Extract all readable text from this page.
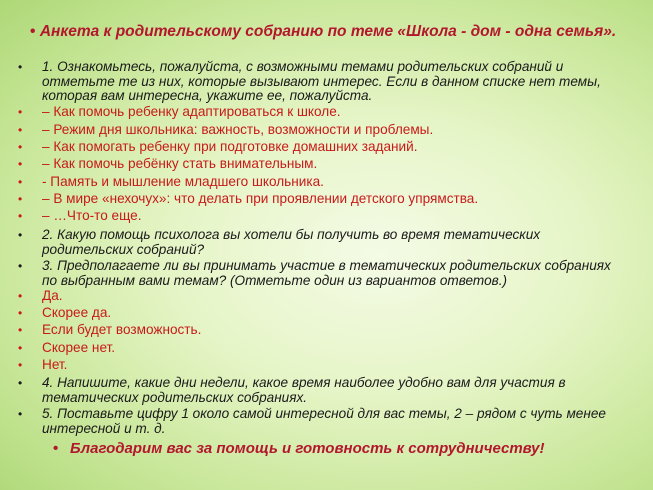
• Анкета к родительскому собранию по теме «Школа - дом - одна семья».
• 1. Ознакомьтесь, пожалуйста, с возможными темами родительских собраний и отметьте те из них, которые вызывают интерес. Если в данном списке нет темы, которая вам интересна, укажите ее, пожалуйста.
• – Как помочь ребенку адаптироваться к школе.
• – Режим дня школьника: важность, возможности и проблемы.
• – Как помогать ребенку при подготовке домашних заданий.
• – Как помочь ребёнку стать внимательным.
• - Память и мышление младшего школьника.
• – В мире «нехочух»: что делать при проявлении детского упрямства.
• – …Что-то еще.
• 2. Какую помощь психолога вы хотели бы получить во время тематических родительских собраний?
• 3. Предполагаете ли вы принимать участие в тематических родительских собраниях по выбранным вами темам? (Отметьте один из вариантов ответов.)
• Да.
• Скорее да.
• Если будет возможность.
• Скорее нет.
• Нет.
• 4. Напишите, какие дни недели, какое время наиболее удобно вам для участия в тематических родительских собраниях.
• 5. Поставьте цифру 1 около самой интересной для вас темы, 2 – рядом с чуть менее интересной и т. д.
• Благодарим вас за помощь и готовность к сотрудничеству!
